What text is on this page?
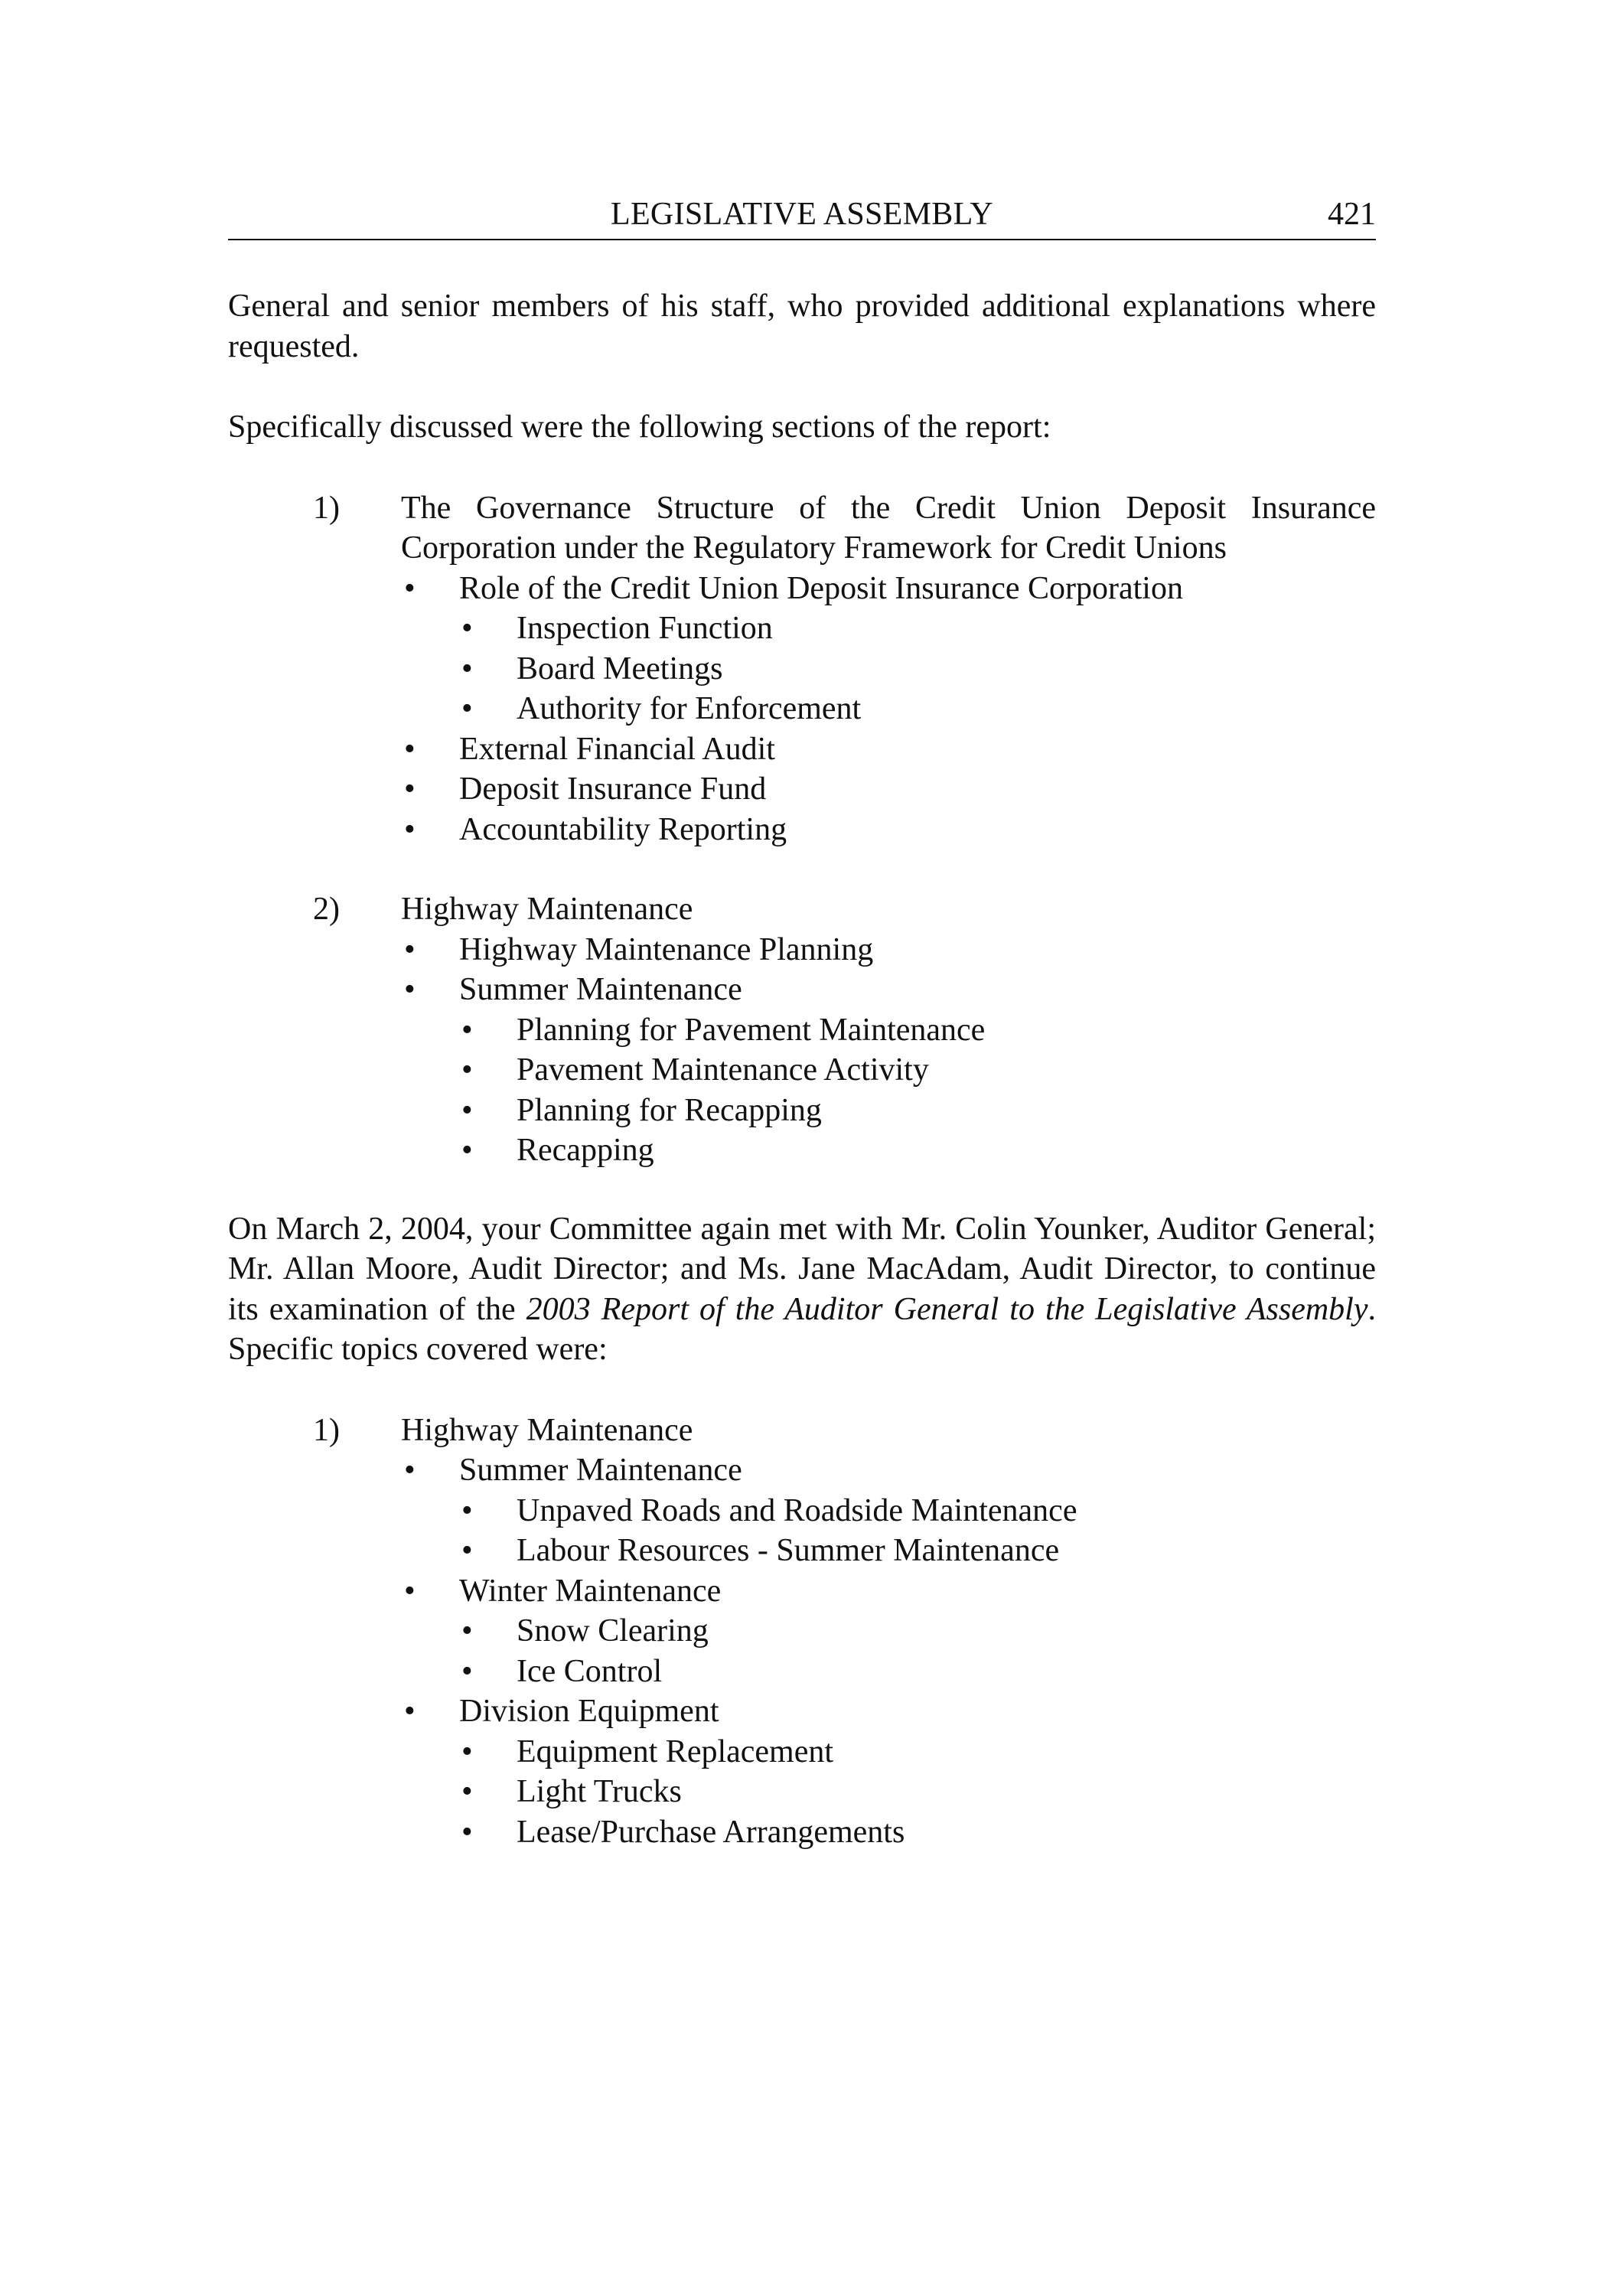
LEGISLATIVE ASSEMBLY	421

General and senior members of his staff, who provided additional explanations where requested.

Specifically discussed were the following sections of the report:

1) The Governance Structure of the Credit Union Deposit Insurance Corporation under the Regulatory Framework for Credit Unions
• Role of the Credit Union Deposit Insurance Corporation
• Inspection Function
• Board Meetings
• Authority for Enforcement
• External Financial Audit
• Deposit Insurance Fund
• Accountability Reporting
2) Highway Maintenance
• Highway Maintenance Planning
• Summer Maintenance
• Planning for Pavement Maintenance
• Pavement Maintenance Activity
• Planning for Recapping
• Recapping

On March 2, 2004, your Committee again met with Mr. Colin Younker, Auditor General; Mr. Allan Moore, Audit Director; and Ms. Jane MacAdam, Audit Director, to continue its examination of the 2003 Report of the Auditor General to the Legislative Assembly. Specific topics covered were:

1) Highway Maintenance
• Summer Maintenance
• Unpaved Roads and Roadside Maintenance
• Labour Resources - Summer Maintenance
• Winter Maintenance
• Snow Clearing
• Ice Control
• Division Equipment
• Equipment Replacement
• Light Trucks
• Lease/Purchase Arrangements
